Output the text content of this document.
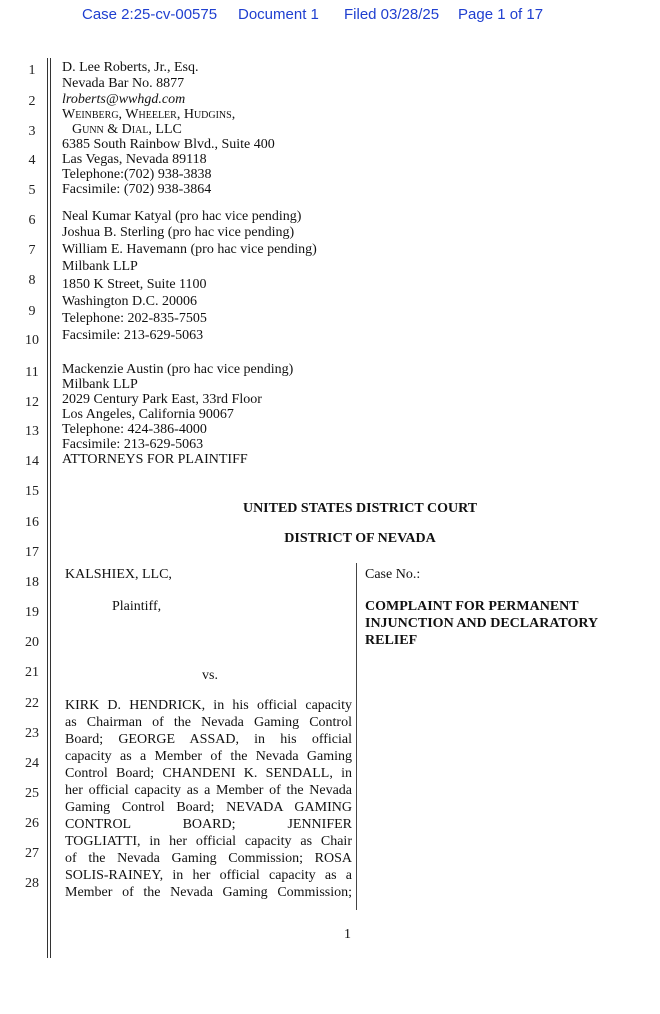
Case 2:25-cv-00575 Document 1 Filed 03/28/25 Page 1 of 17
1
2
3
4
5
6
7
8
9
10
11
12
13
14
15
16
17
18
19
20
21
22
23
24
25
26
27
28
D. Lee Roberts, Jr., Esq.
Nevada Bar No. 8877
lroberts@wwhgd.com
Weinberg, Wheeler, Hudgins,
Gunn & Dial, LLC
6385 South Rainbow Blvd., Suite 400
Las Vegas, Nevada 89118
Telephone:(702) 938-3838
Facsimile: (702) 938-3864
Neal Kumar Katyal (pro hac vice pending)
Joshua B. Sterling (pro hac vice pending)
William E. Havemann (pro hac vice pending)
Milbank LLP
1850 K Street, Suite 1100
Washington D.C. 20006
Telephone: 202-835-7505
Facsimile: 213-629-5063
Mackenzie Austin (pro hac vice pending)
Milbank LLP
2029 Century Park East, 33rd Floor
Los Angeles, California 90067
Telephone: 424-386-4000
Facsimile: 213-629-5063
ATTORNEYS FOR PLAINTIFF
UNITED STATES DISTRICT COURT
DISTRICT OF NEVADA
KALSHIEX, LLC,
Plaintiff,
vs.
KIRK D. HENDRICK, in his official capacity
as Chairman of the Nevada Gaming Control
Board; GEORGE ASSAD, in his official
capacity as a Member of the Nevada Gaming
Control Board; CHANDENI K. SENDALL, in
her official capacity as a Member of the Nevada
Gaming Control Board; NEVADA GAMING
CONTROL BOARD; JENNIFER
TOGLIATTI, in her official capacity as Chair
of the Nevada Gaming Commission; ROSA
SOLIS-RAINEY, in her official capacity as a
Member of the Nevada Gaming Commission;
Case No.:
COMPLAINT FOR PERMANENT
INJUNCTION AND DECLARATORY
RELIEF
1
